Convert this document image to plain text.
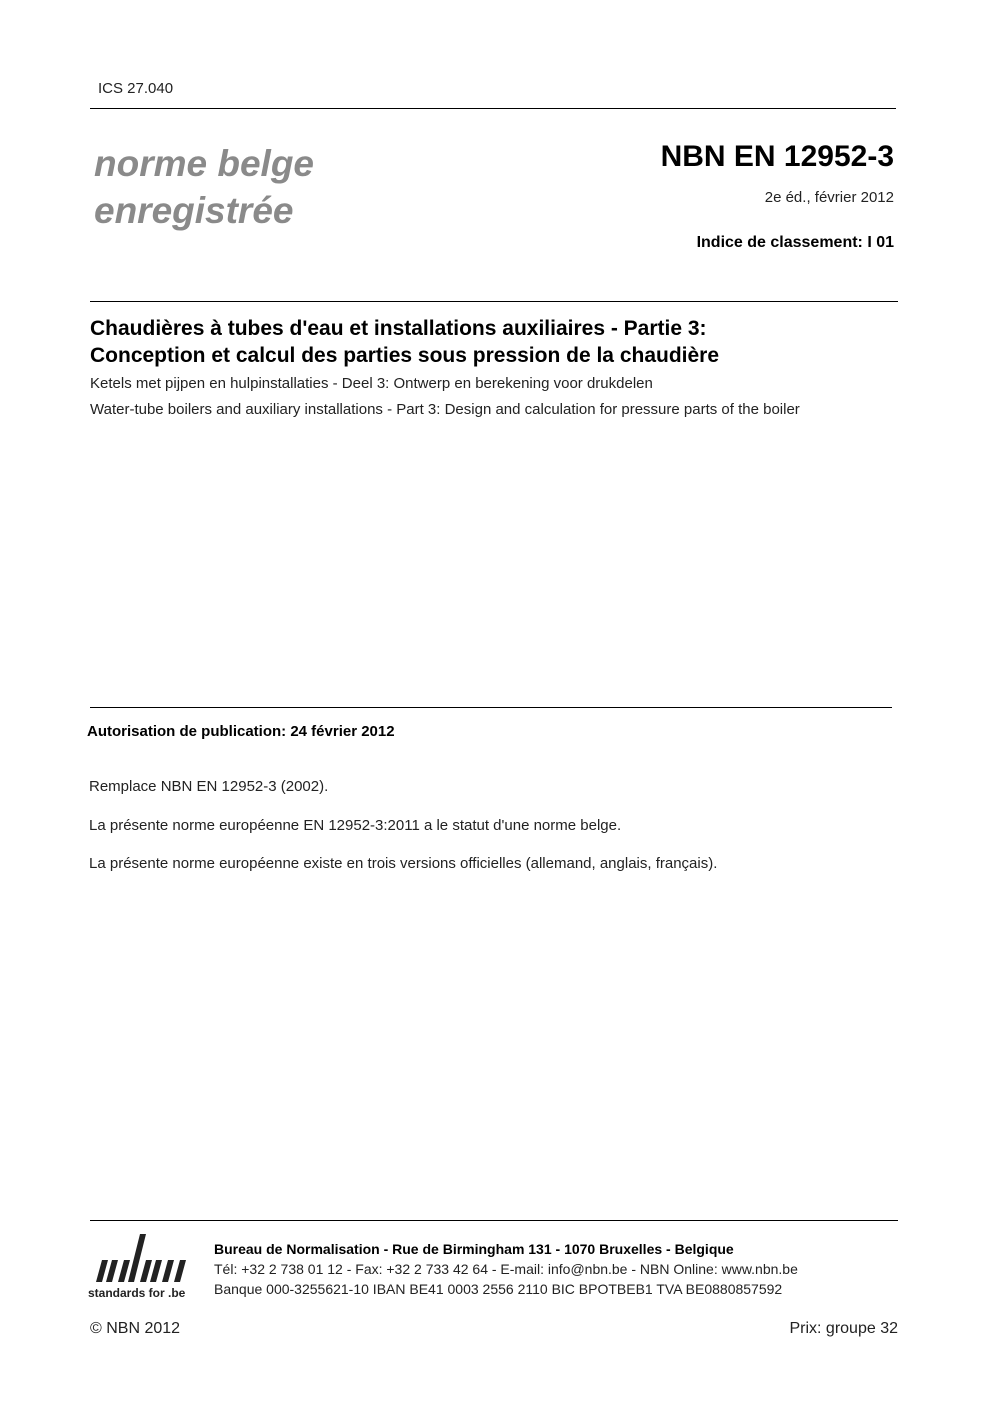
ICS 27.040
norme belge
enregistrée
NBN EN 12952-3
2e éd., février 2012
Indice de classement: I 01
Chaudières à tubes d'eau et installations auxiliaires - Partie 3:
Conception et calcul des parties sous pression de la chaudière
Ketels met pijpen en hulpinstallaties - Deel 3: Ontwerp en berekening voor drukdelen
Water-tube boilers and auxiliary installations - Part 3: Design and calculation for pressure parts of the boiler
Autorisation de publication: 24 février 2012
Remplace NBN EN 12952-3 (2002).
La présente norme européenne EN 12952-3:2011 a le statut d'une norme belge.
La présente norme européenne existe en trois versions officielles (allemand, anglais, français).
standards for .be
Bureau de Normalisation - Rue de Birmingham 131 - 1070 Bruxelles - Belgique
Tél: +32 2 738 01 12 - Fax: +32 2 733 42 64 - E-mail: info@nbn.be - NBN Online: www.nbn.be
Banque 000-3255621-10 IBAN BE41 0003 2556 2110 BIC BPOTBEB1 TVA BE0880857592
© NBN 2012	Prix: groupe 32
